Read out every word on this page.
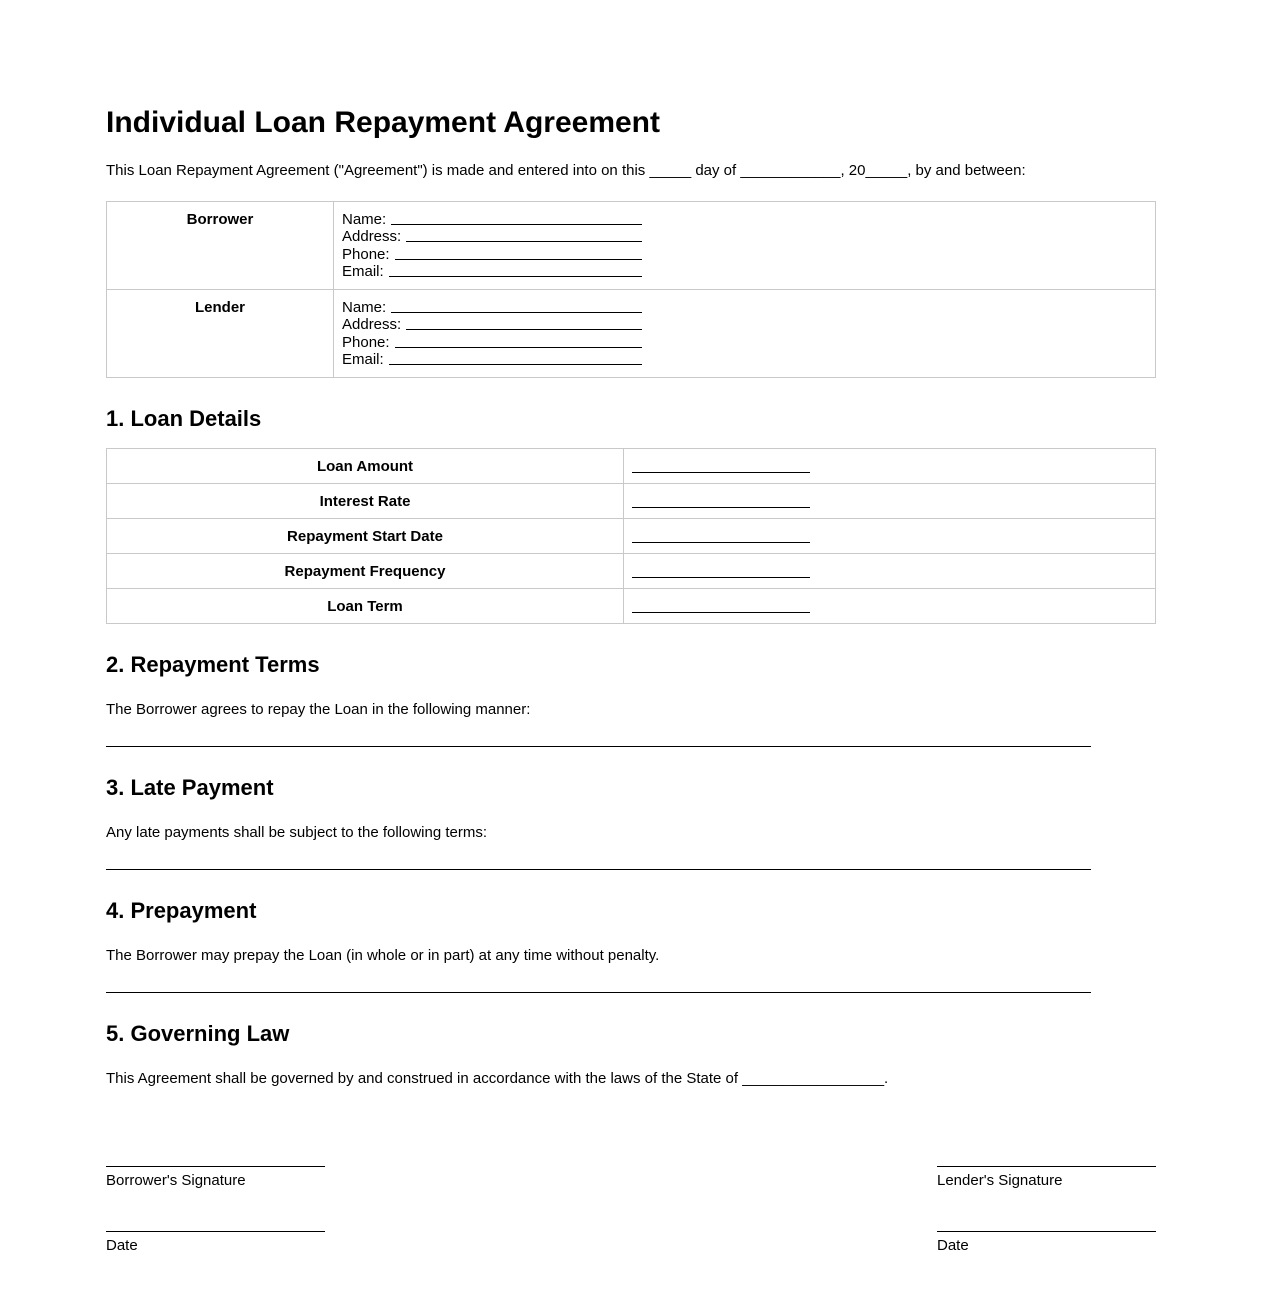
Individual Loan Repayment Agreement

This Loan Repayment Agreement ("Agreement") is made and entered into on this _____ day of ____________, 20_____, by and between:

Borrower	Name:
Address:
Phone:
Email:

Lender	Name:
Address:
Phone:
Email:
1. Loan Details
Loan Amount	
Interest Rate	
Repayment Start Date	
Repayment Frequency	
Loan Term	
2. Repayment Terms

The Borrower agrees to repay the Loan in the following manner:

3. Late Payment

Any late payments shall be subject to the following terms:

4. Prepayment

The Borrower may prepay the Loan (in whole or in part) at any time without penalty.

5. Governing Law

This Agreement shall be governed by and construed in accordance with the laws of the State of _________________.

Borrower's Signature
Date
Lender's Signature
Date
